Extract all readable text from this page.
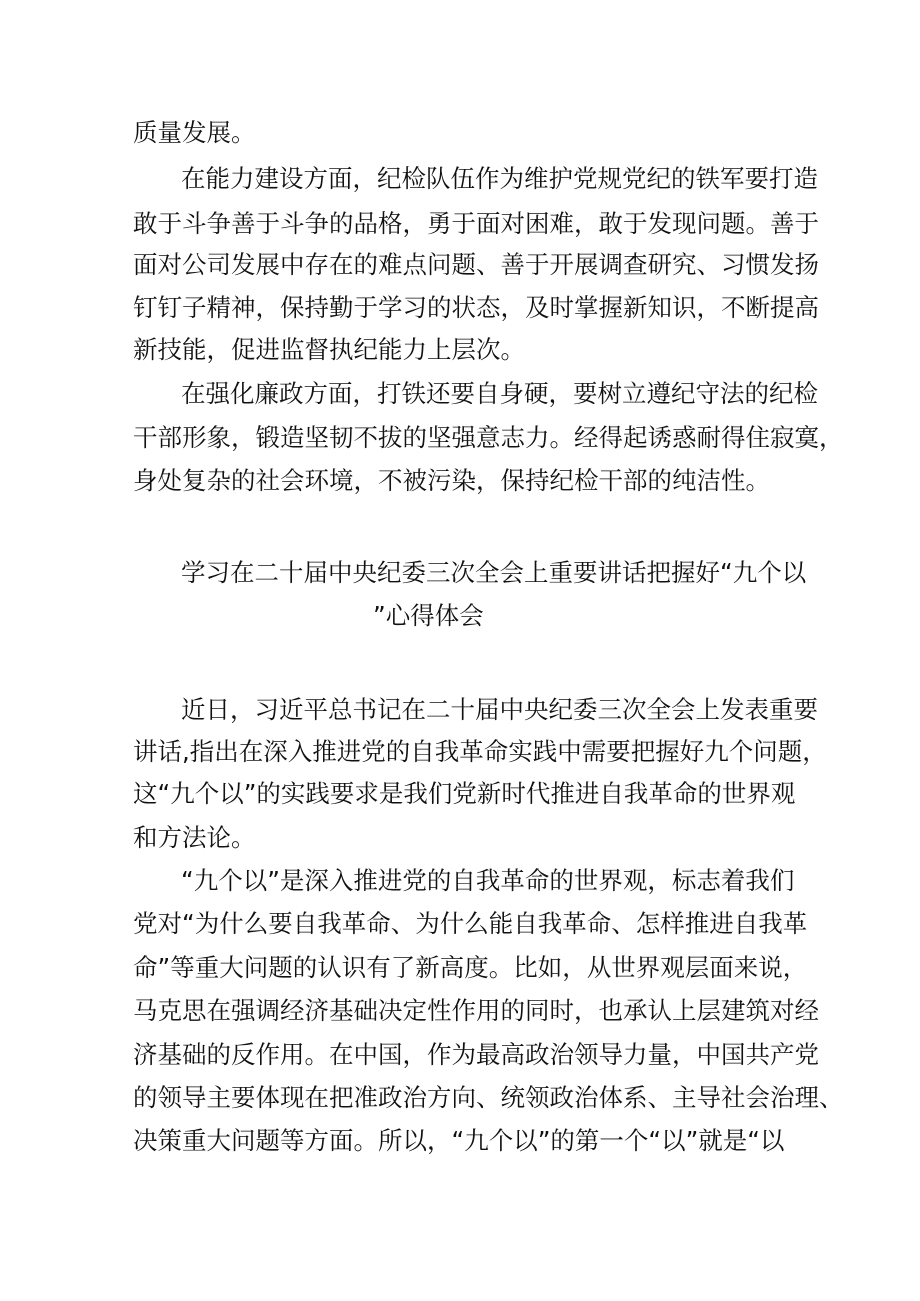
质量发展。
在能力建设方面，纪检队伍作为维护党规党纪的铁军要打造
敢于斗争善于斗争的品格，勇于面对困难，敢于发现问题。善于
面对公司发展中存在的难点问题、善于开展调查研究、习惯发扬
钉钉子精神，保持勤于学习的状态，及时掌握新知识，不断提高
新技能，促进监督执纪能力上层次。
在强化廉政方面，打铁还要自身硬，要树立遵纪守法的纪检
干部形象，锻造坚韧不拔的坚强意志力。经得起诱惑耐得住寂寞，
身处复杂的社会环境，不被污染，保持纪检干部的纯洁性。
学习在二十届中央纪委三次全会上重要讲话把握好“九个以
”心得体会
近日，习近平总书记在二十届中央纪委三次全会上发表重要
讲话,指出在深入推进党的自我革命实践中需要把握好九个问题，
这“九个以”的实践要求是我们党新时代推进自我革命的世界观
和方法论。
“九个以”是深入推进党的自我革命的世界观，标志着我们
党对“为什么要自我革命、为什么能自我革命、怎样推进自我革
命”等重大问题的认识有了新高度。比如，从世界观层面来说，
马克思在强调经济基础决定性作用的同时，也承认上层建筑对经
济基础的反作用。在中国，作为最高政治领导力量，中国共产党
的领导主要体现在把准政治方向、统领政治体系、主导社会治理、
决策重大问题等方面。所以，“九个以”的第一个“以”就是“以
